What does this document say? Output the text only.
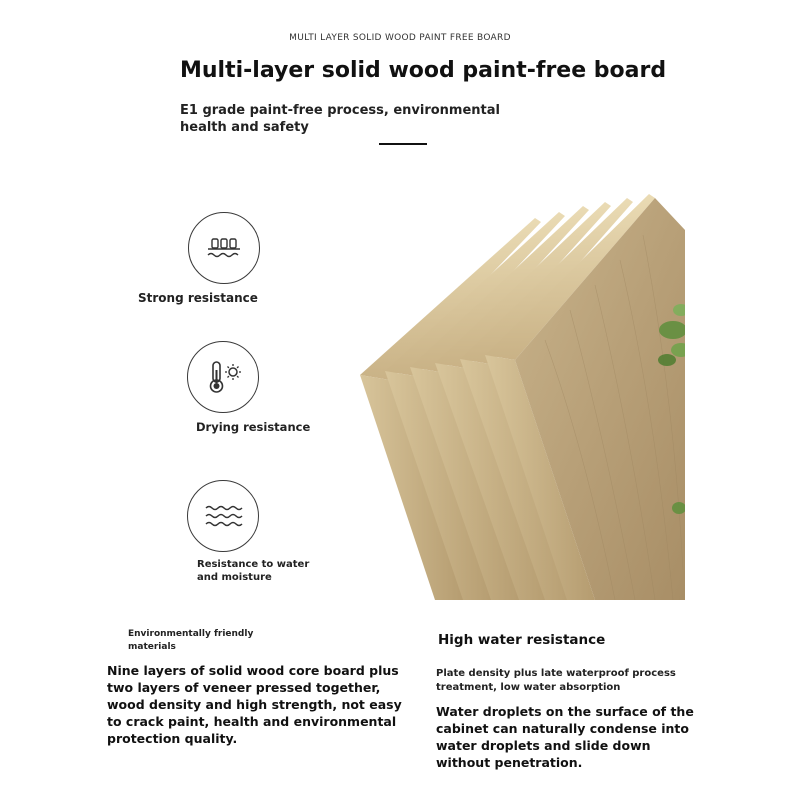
MULTI LAYER SOLID WOOD PAINT FREE BOARD
Multi-layer solid wood paint-free board
E1 grade paint-free process, environmental health and safety
Strong resistance
Drying resistance
Resistance to water and moisture
Environmentally friendly materials
Nine layers of solid wood core board plus two layers of veneer pressed together, wood density and high strength, not easy to crack paint, health and environmental protection quality.
High water resistance
Plate density plus late waterproof process treatment, low water absorption
Water droplets on the surface of the cabinet can naturally condense into water droplets and slide down without penetration.
